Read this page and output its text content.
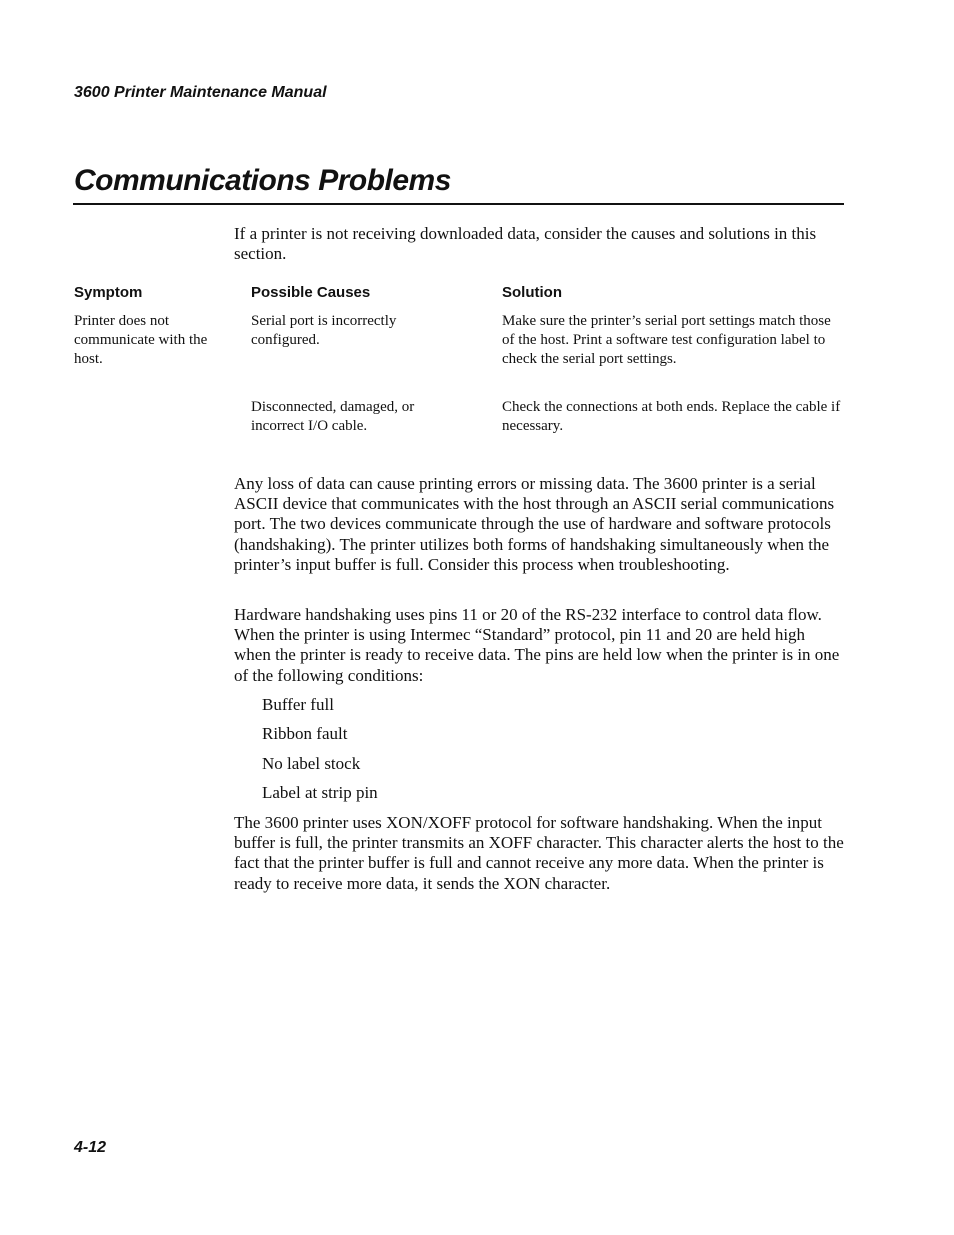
3600 Printer Maintenance Manual
Communications Problems

If a printer is not receiving downloaded data, consider the causes and solutions in this section.

Symptom	Possible Causes	Solution

Printer does not communicate with the host.

Serial port is incorrectly configured.

Make sure the printer’s serial port settings match those of the host. Print a software test configuration label to check the serial port settings.

Disconnected, damaged, or incorrect I/O cable.

Check the connections at both ends. Replace the cable if necessary.

Any loss of data can cause printing errors or missing data. The 3600 printer is a serial ASCII device that communicates with the host through an ASCII serial communications port. The two devices communicate through the use of hardware and software protocols (handshaking). The printer utilizes both forms of handshaking simultaneously when the printer’s input buffer is full. Consider this process when troubleshooting.

Hardware handshaking uses pins 11 or 20 of the RS-232 interface to control data flow. When the printer is using Intermec “Standard” protocol, pin 11 and 20 are held high when the printer is ready to receive data. The pins are held low when the printer is in one of the following conditions:

Buffer full
Ribbon fault
No label stock
Label at strip pin

The 3600 printer uses XON/XOFF protocol for software handshaking. When the input buffer is full, the printer transmits an XOFF character. This character alerts the host to the fact that the printer buffer is full and cannot receive any more data. When the printer is ready to receive more data, it sends the XON character.

4-12
